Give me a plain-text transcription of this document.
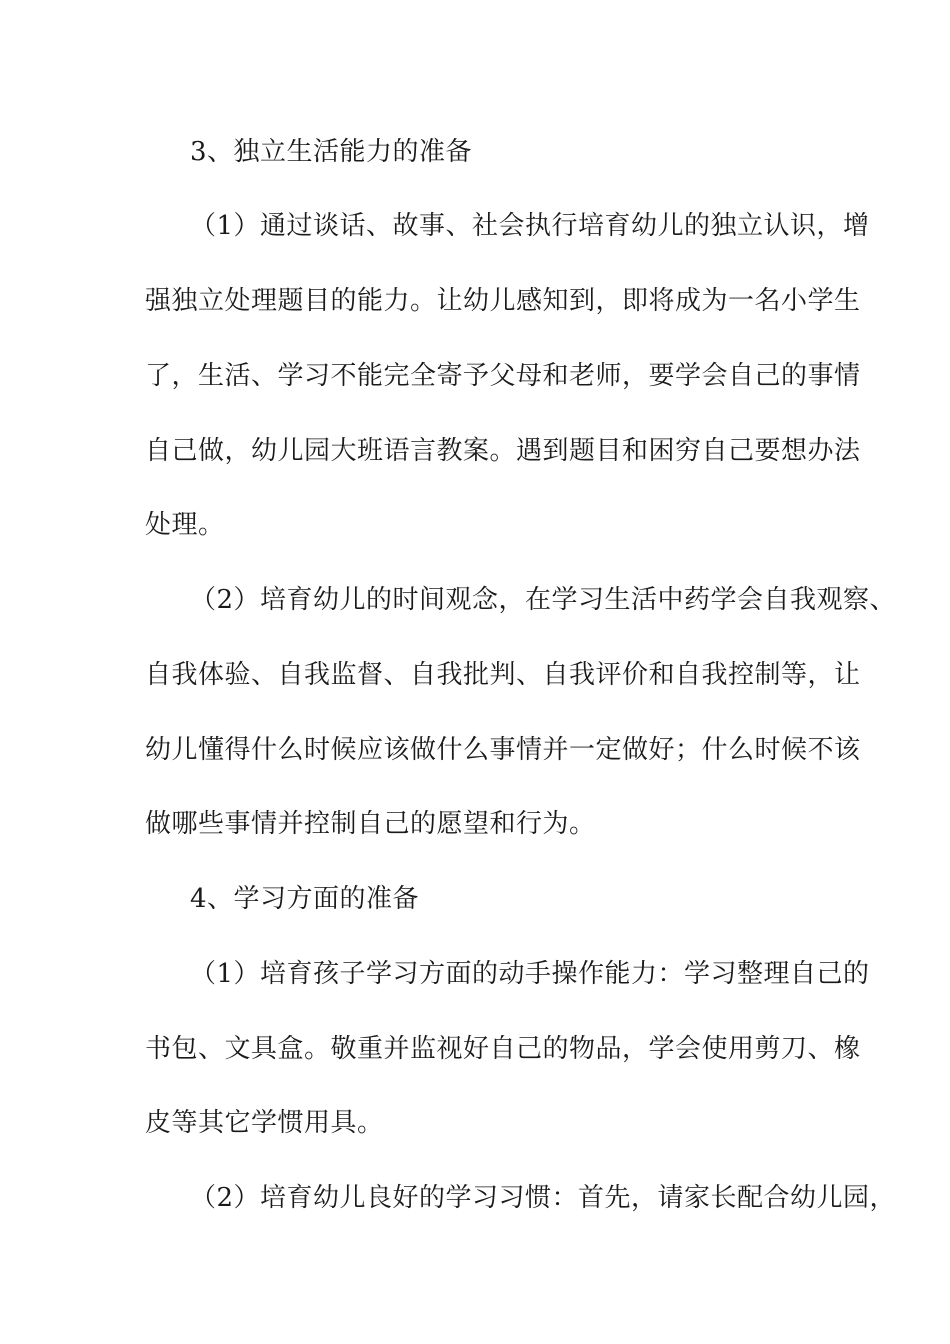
3、独立生活能力的准备
（1）通过谈话、故事、社会执行培育幼儿的独立认识，增
强独立处理题目的能力。让幼儿感知到，即将成为一名小学生
了，生活、学习不能完全寄予父母和老师，要学会自己的事情
自己做，幼儿园大班语言教案。遇到题目和困穷自己要想办法
处理。
（2）培育幼儿的时间观念，在学习生活中药学会自我观察、
自我体验、自我监督、自我批判、自我评价和自我控制等，让
幼儿懂得什么时候应该做什么事情并一定做好；什么时候不该
做哪些事情并控制自己的愿望和行为。
4、学习方面的准备
（1）培育孩子学习方面的动手操作能力：学习整理自己的
书包、文具盒。敬重并监视好自己的物品，学会使用剪刀、橡
皮等其它学惯用具。
（2）培育幼儿良好的学习习惯：首先，请家长配合幼儿园，
